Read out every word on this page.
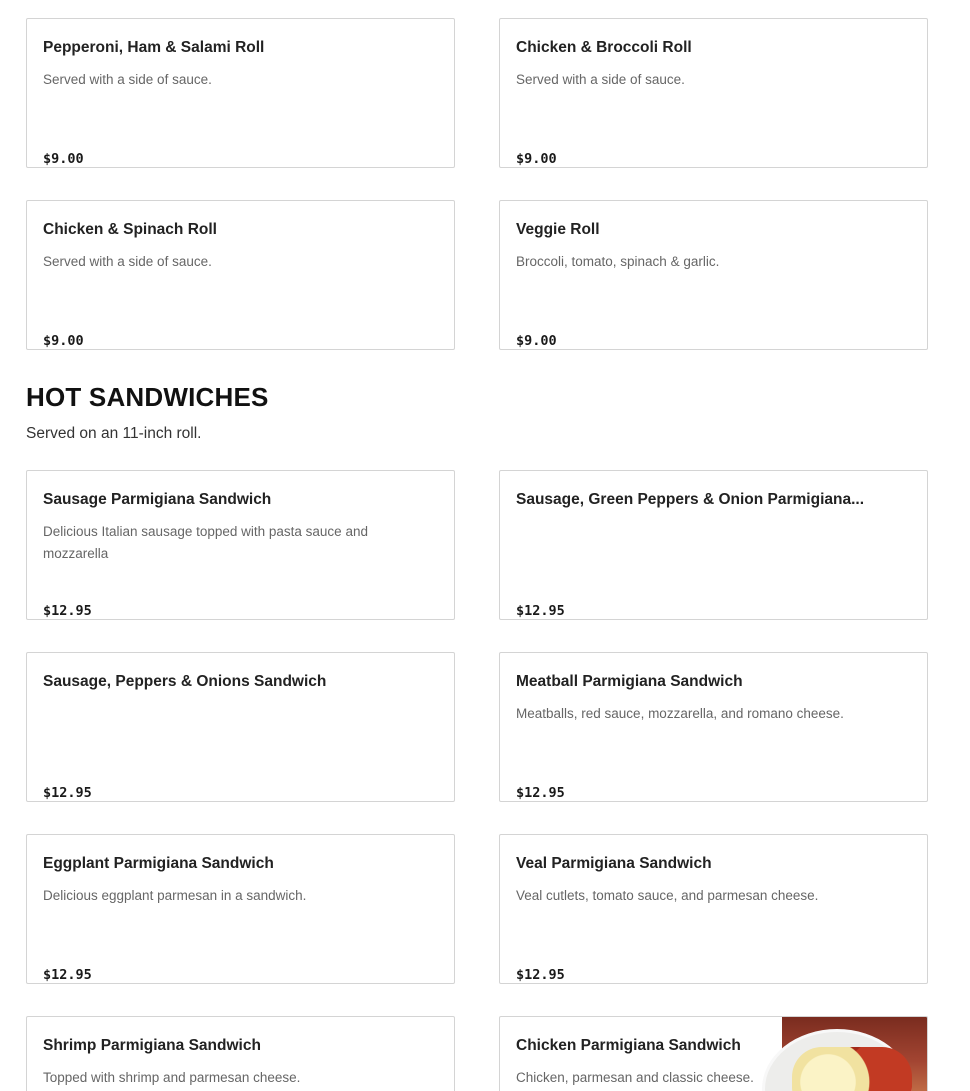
Pepperoni, Ham & Salami Roll
Served with a side of sauce.
$9.00
Chicken & Broccoli Roll
Served with a side of sauce.
$9.00
Chicken & Spinach Roll
Served with a side of sauce.
$9.00
Veggie Roll
Broccoli, tomato, spinach & garlic.
$9.00
HOT SANDWICHES
Served on an 11-inch roll.
Sausage Parmigiana Sandwich
Delicious Italian sausage topped with pasta sauce and mozzarella
$12.95
Sausage, Green Peppers & Onion Parmigiana...
$12.95
Sausage, Peppers & Onions Sandwich
$12.95
Meatball Parmigiana Sandwich
Meatballs, red sauce, mozzarella, and romano cheese.
$12.95
Eggplant Parmigiana Sandwich
Delicious eggplant parmesan in a sandwich.
$12.95
Veal Parmigiana Sandwich
Veal cutlets, tomato sauce, and parmesan cheese.
$12.95
Shrimp Parmigiana Sandwich
Topped with shrimp and parmesan cheese.
Chicken Parmigiana Sandwich
Chicken, parmesan and classic cheese.
